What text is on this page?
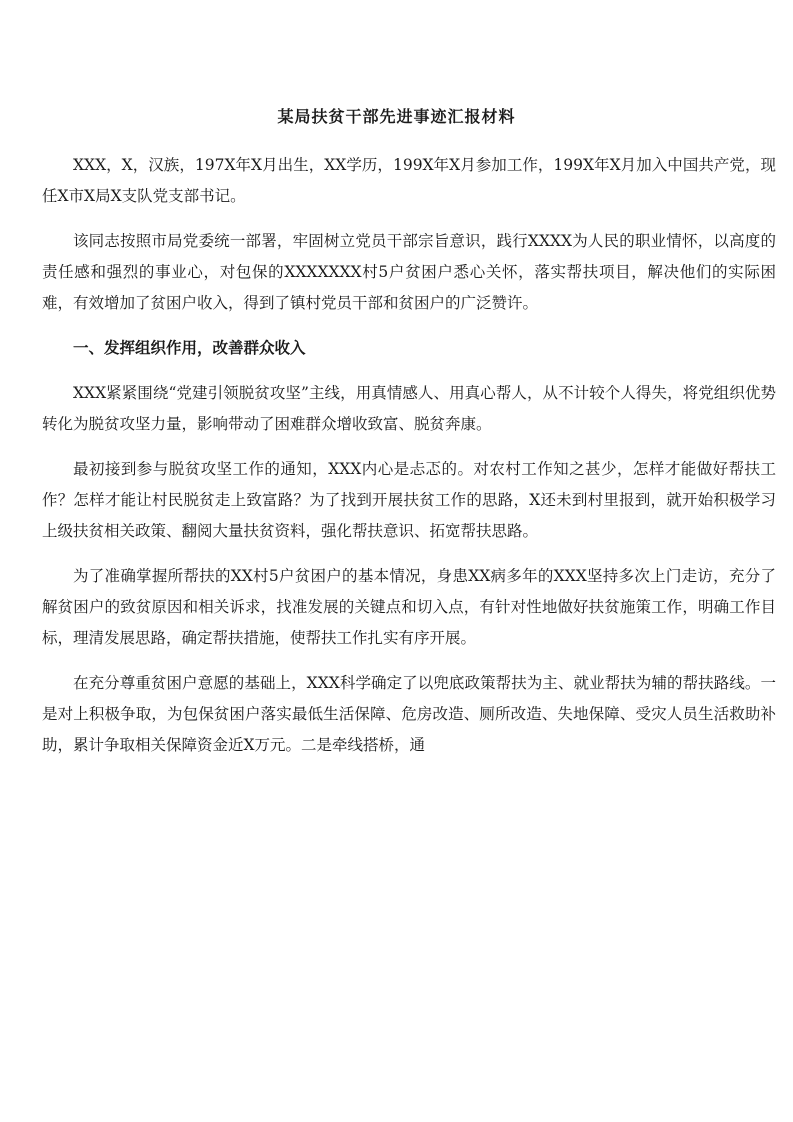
某局扶贫干部先进事迹汇报材料

XXX，X，汉族，197X年X月出生，XX学历，199X年X月参加工作，199X年X月加入中国共产党，现任X市X局X支队党支部书记。

该同志按照市局党委统一部署，牢固树立党员干部宗旨意识，践行XXXX为人民的职业情怀，以高度的责任感和强烈的事业心，对包保的XXXXXXX村5户贫困户悉心关怀，落实帮扶项目，解决他们的实际困难，有效增加了贫困户收入，得到了镇村党员干部和贫困户的广泛赞许。

一、发挥组织作用，改善群众收入

XXX紧紧围绕“党建引领脱贫攻坚”主线，用真情感人、用真心帮人，从不计较个人得失，将党组织优势转化为脱贫攻坚力量，影响带动了困难群众增收致富、脱贫奔康。

最初接到参与脱贫攻坚工作的通知，XXX内心是忐忑的。对农村工作知之甚少，怎样才能做好帮扶工作？怎样才能让村民脱贫走上致富路？为了找到开展扶贫工作的思路，X还未到村里报到，就开始积极学习上级扶贫相关政策、翻阅大量扶贫资料，强化帮扶意识、拓宽帮扶思路。

为了准确掌握所帮扶的XX村5户贫困户的基本情况，身患XX病多年的XXX坚持多次上门走访，充分了解贫困户的致贫原因和相关诉求，找准发展的关键点和切入点，有针对性地做好扶贫施策工作，明确工作目标，理清发展思路，确定帮扶措施，使帮扶工作扎实有序开展。

在充分尊重贫困户意愿的基础上，XXX科学确定了以兜底政策帮扶为主、就业帮扶为辅的帮扶路线。一是对上积极争取，为包保贫困户落实最低生活保障、危房改造、厕所改造、失地保障、受灾人员生活救助补助，累计争取相关保障资金近X万元。二是牵线搭桥，通
